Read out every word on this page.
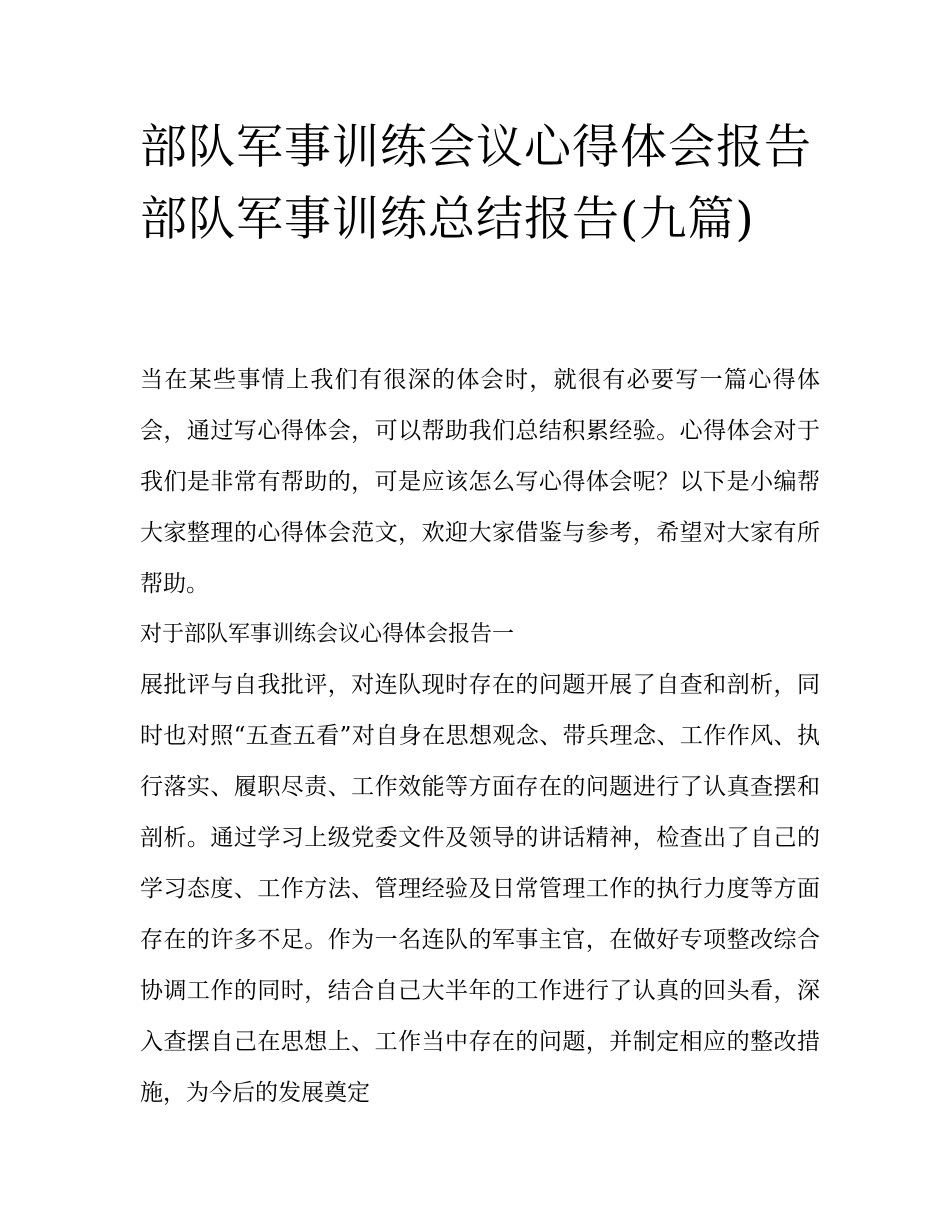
部队军事训练会议心得体会报告 部队军事训练总结报告(九篇)

当在某些事情上我们有很深的体会时，就很有必要写一篇心得体会，通过写心得体会，可以帮助我们总结积累经验。心得体会对于我们是非常有帮助的，可是应该怎么写心得体会呢？以下是小编帮大家整理的心得体会范文，欢迎大家借鉴与参考，希望对大家有所帮助。

对于部队军事训练会议心得体会报告一

展批评与自我批评，对连队现时存在的问题开展了自查和剖析，同时也对照“五查五看”对自身在思想观念、带兵理念、工作作风、执行落实、履职尽责、工作效能等方面存在的问题进行了认真查摆和剖析。通过学习上级党委文件及领导的讲话精神，检查出了自己的学习态度、工作方法、管理经验及日常管理工作的执行力度等方面存在的许多不足。作为一名连队的军事主官，在做好专项整改综合协调工作的同时，结合自己大半年的工作进行了认真的回头看，深入查摆自己在思想上、工作当中存在的问题，并制定相应的整改措施，为今后的发展奠定
